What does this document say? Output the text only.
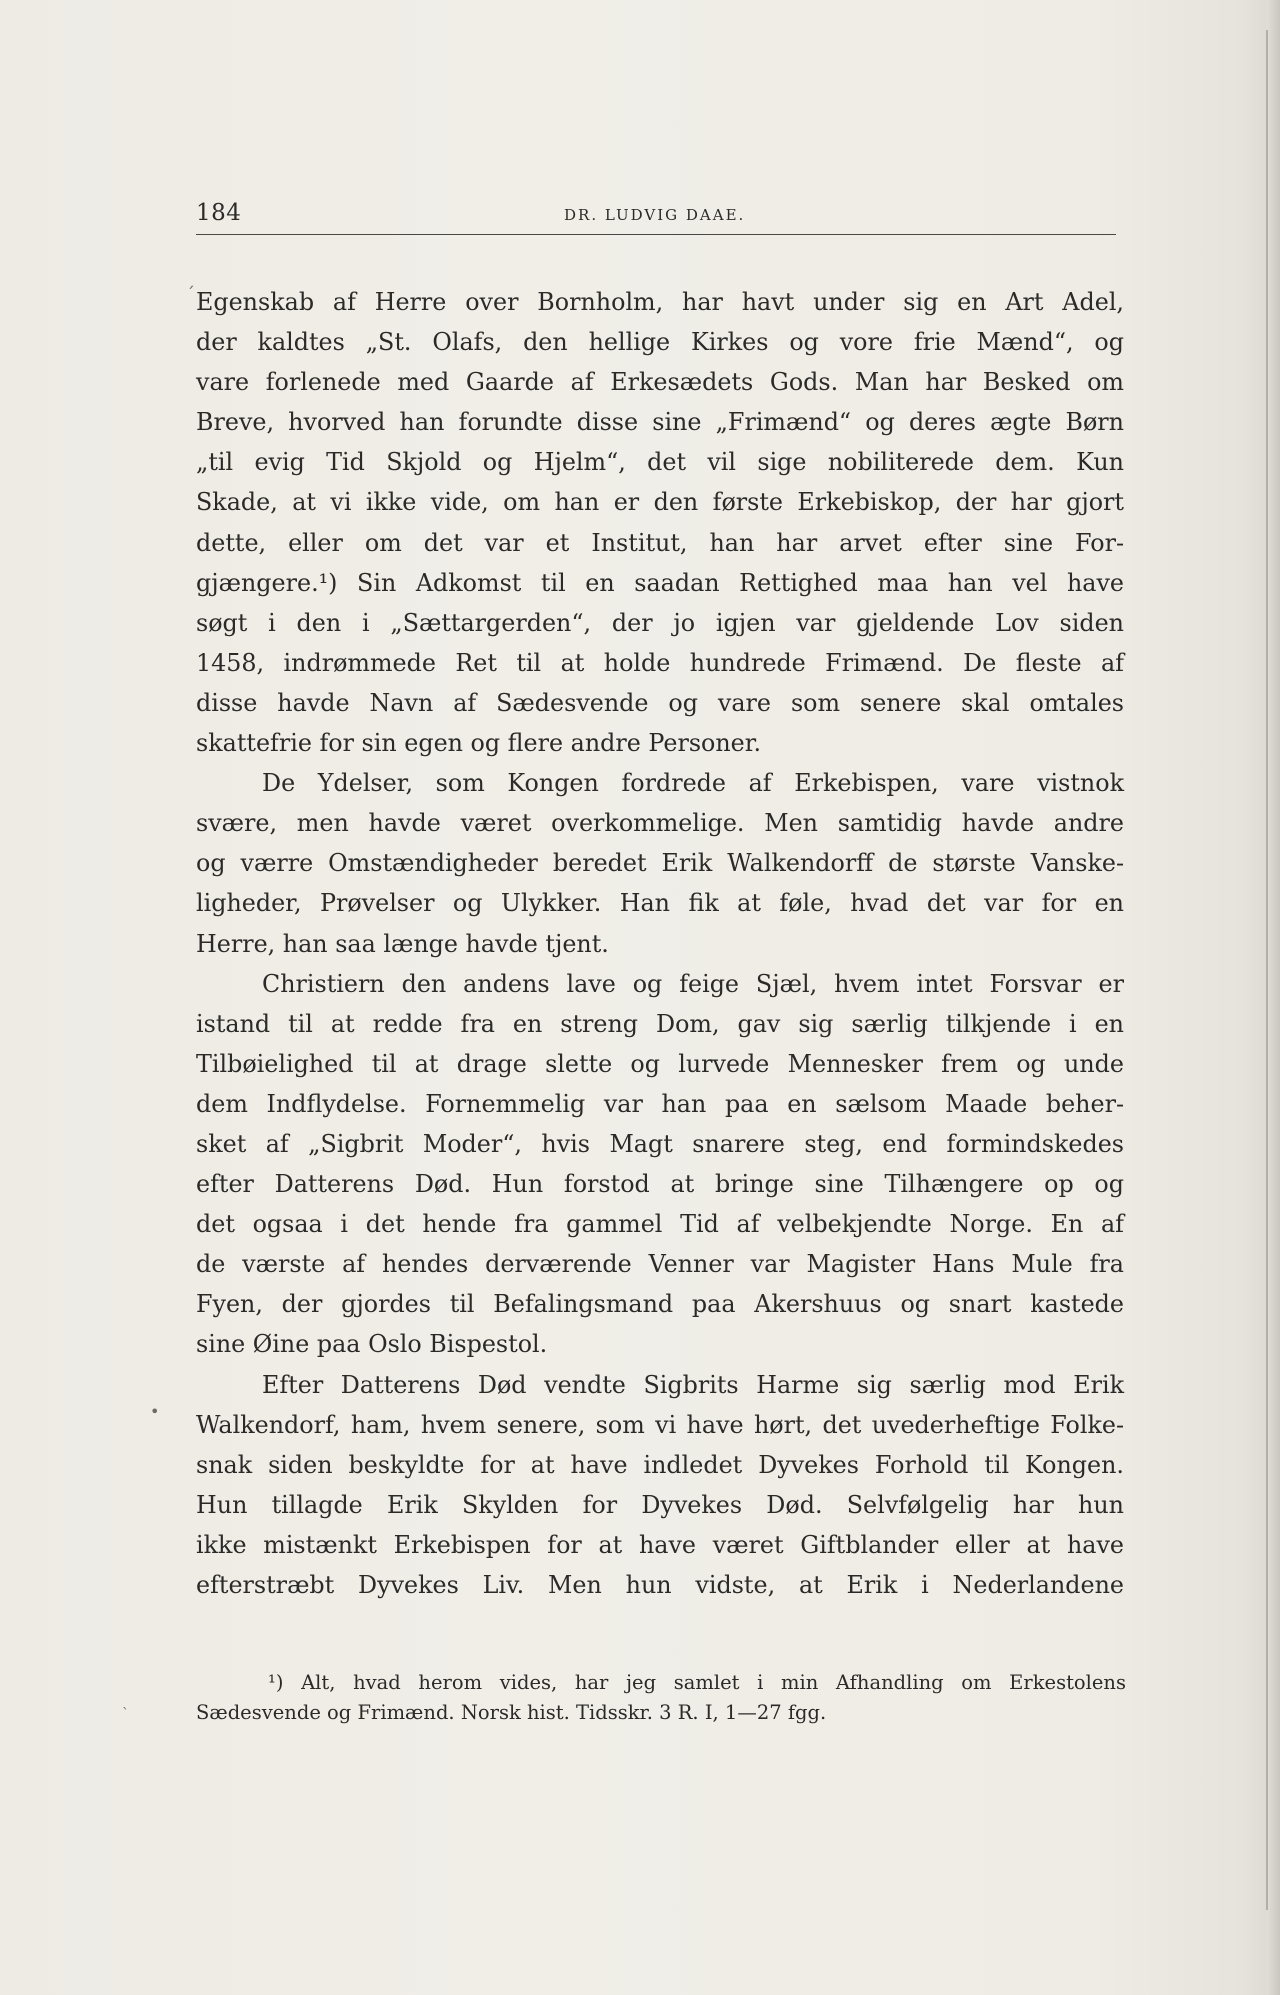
184	DR. LUDVIG DAAE.
´ Egenskab af Herre over Bornholm, har havt under sig en Art Adel,
der kaldtes „St. Olafs, den hellige Kirkes og vore frie Mænd“, og
vare forlenede med Gaarde af Erkesædets Gods. Man har Besked om
Breve, hvorved han forundte disse sine „Frimænd“ og deres ægte Børn
„til evig Tid Skjold og Hjelm“, det vil sige nobiliterede dem. Kun
Skade, at vi ikke vide, om han er den første Erkebiskop, der har gjort
dette, eller om det var et Institut, han har arvet efter sine For-
gjængere.¹) Sin Adkomst til en saadan Rettighed maa han vel have
søgt i den i „Sættargerden“, der jo igjen var gjeldende Lov siden
1458, indrømmede Ret til at holde hundrede Frimænd. De fleste af
disse havde Navn af Sædesvende og vare som senere skal omtales
skattefrie for sin egen og flere andre Personer.

De Ydelser, som Kongen fordrede af Erkebispen, vare vistnok
svære, men havde været overkommelige. Men samtidig havde andre
og værre Omstændigheder beredet Erik Walkendorff de største Vanske-
ligheder, Prøvelser og Ulykker. Han fik at føle, hvad det var for en
Herre, han saa længe havde tjent.

Christiern den andens lave og feige Sjæl, hvem intet Forsvar er
istand til at redde fra en streng Dom, gav sig særlig tilkjende i en
Tilbøielighed til at drage slette og lurvede Mennesker frem og unde
dem Indflydelse. Fornemmelig var han paa en sælsom Maade beher-
sket af „Sigbrit Moder“, hvis Magt snarere steg, end formindskedes
efter Datterens Død. Hun forstod at bringe sine Tilhængere op og
det ogsaa i det hende fra gammel Tid af velbekjendte Norge. En af
de værste af hendes derværende Venner var Magister Hans Mule fra
Fyen, der gjordes til Befalingsmand paa Akershuus og snart kastede
sine Øine paa Oslo Bispestol.

Efter Datterens Død vendte Sigbrits Harme sig særlig mod Erik
Walkendorf, ham, hvem senere, som vi have hørt, det uvederheftige Folke-
snak siden beskyldte for at have indledet Dyvekes Forhold til Kongen.
Hun tillagde Erik Skylden for Dyvekes Død. Selvfølgelig har hun
ikke mistænkt Erkebispen for at have været Giftblander eller at have
efterstræbt Dyvekes Liv. Men hun vidste, at Erik i Nederlandene

•
¹) Alt, hvad herom vides, har jeg samlet i min Afhandling om Erkestolens
Sædesvende og Frimænd. Norsk hist. Tidsskr. 3 R. I, 1—27 fgg.
`
